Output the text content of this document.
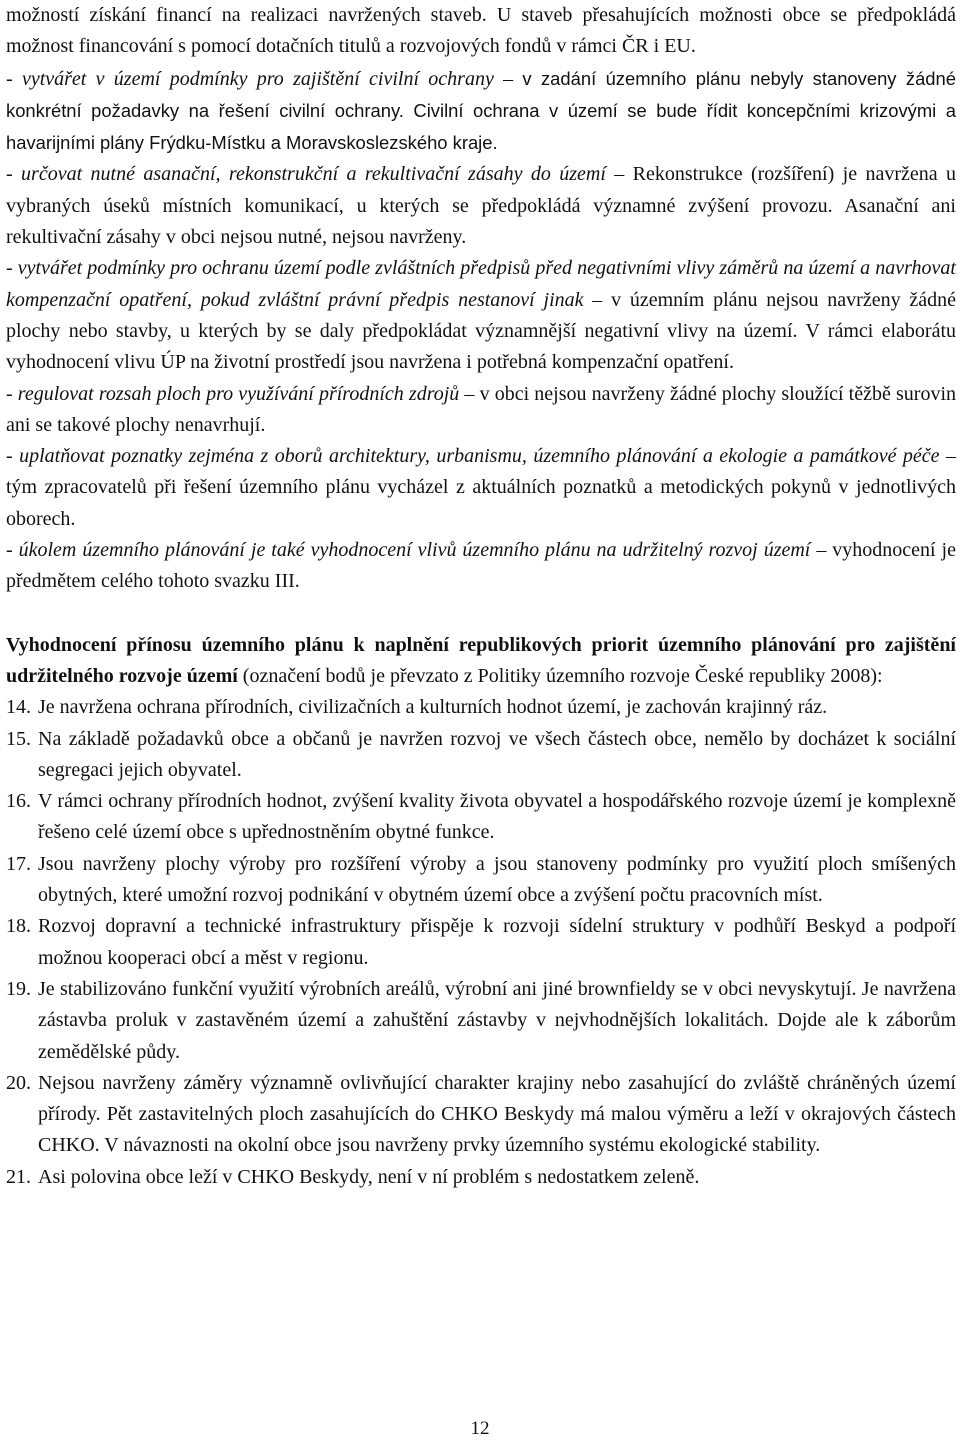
možností získání financí na realizaci navržených staveb. U staveb přesahujících možnosti obce se předpokládá možnost financování s pomocí dotačních titulů a rozvojových fondů v rámci ČR i EU.

- vytvářet v území podmínky pro zajištění civilní ochrany – v zadání územního plánu nebyly stanoveny žádné konkrétní požadavky na řešení civilní ochrany. Civilní ochrana v území se bude řídit koncepčními krizovými a havarijními plány Frýdku-Místku a Moravskoslezského kraje.

- určovat nutné asanační, rekonstrukční a rekultivační zásahy do území – Rekonstrukce (rozšíření) je navržena u vybraných úseků místních komunikací, u kterých se předpokládá významné zvýšení provozu. Asanační ani rekultivační zásahy v obci nejsou nutné, nejsou navrženy.

- vytvářet podmínky pro ochranu území podle zvláštních předpisů před negativními vlivy záměrů na území a navrhovat kompenzační opatření, pokud zvláštní právní předpis nestanoví jinak – v územním plánu nejsou navrženy žádné plochy nebo stavby, u kterých by se daly předpokládat významnější negativní vlivy na území. V rámci elaborátu vyhodnocení vlivu ÚP na životní prostředí jsou navržena i potřebná kompenzační opatření.

- regulovat rozsah ploch pro využívání přírodních zdrojů – v obci nejsou navrženy žádné plochy sloužící těžbě surovin ani se takové plochy nenavrhují.

- uplatňovat poznatky zejména z oborů architektury, urbanismu, územního plánování a ekologie a památkové péče – tým zpracovatelů při řešení územního plánu vycházel z aktuálních poznatků a metodických pokynů v jednotlivých oborech.

- úkolem územního plánování je také vyhodnocení vlivů územního plánu na udržitelný rozvoj území – vyhodnocení je předmětem celého tohoto svazku III.

Vyhodnocení přínosu územního plánu k naplnění republikových priorit územního plánování pro zajištění udržitelného rozvoje území (označení bodů je převzato z Politiky územního rozvoje České republiky 2008):

14. Je navržena ochrana přírodních, civilizačních a kulturních hodnot území, je zachován krajinný ráz.
15. Na základě požadavků obce a občanů je navržen rozvoj ve všech částech obce, nemělo by docházet k sociální segregaci jejich obyvatel.
16. V rámci ochrany přírodních hodnot, zvýšení kvality života obyvatel a hospodářského rozvoje území je komplexně řešeno celé území obce s upřednostněním obytné funkce.
17. Jsou navrženy plochy výroby pro rozšíření výroby a jsou stanoveny podmínky pro využití ploch smíšených obytných, které umožní rozvoj podnikání v obytném území obce a zvýšení počtu pracovních míst.
18. Rozvoj dopravní a technické infrastruktury přispěje k rozvoji sídelní struktury v podhůří Beskyd a podpoří možnou kooperaci obcí a měst v regionu.
19. Je stabilizováno funkční využití výrobních areálů, výrobní ani jiné brownfieldy se v obci nevyskytují. Je navržena zástavba proluk v zastavěném území a zahuštění zástavby v nejvhodnějších lokalitách. Dojde ale k záborům zemědělské půdy.
20. Nejsou navrženy záměry významně ovlivňující charakter krajiny nebo zasahující do zvláště chráněných území přírody. Pět zastavitelných ploch zasahujících do CHKO Beskydy má malou výměru a leží v okrajových částech CHKO. V návaznosti na okolní obce jsou navrženy prvky územního systému ekologické stability.
21. Asi polovina obce leží v CHKO Beskydy, není v ní problém s nedostatkem zeleně.
12
